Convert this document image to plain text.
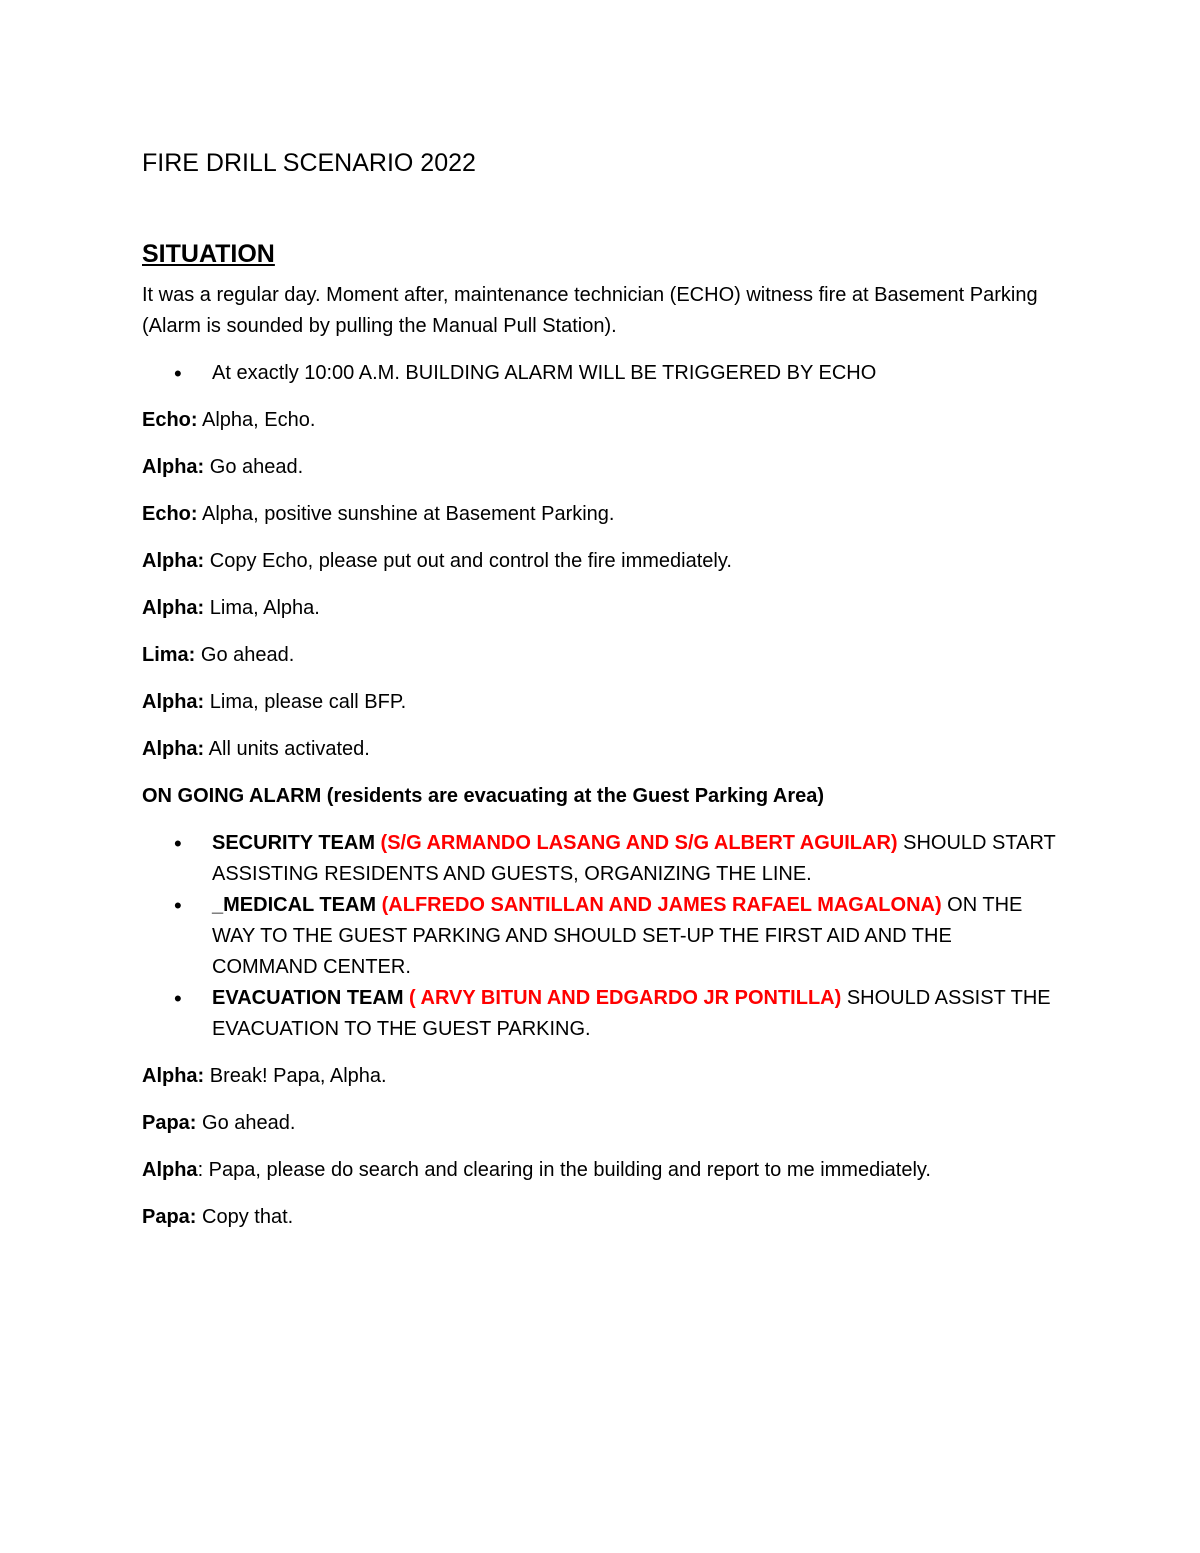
FIRE DRILL SCENARIO 2022
SITUATION

It was a regular day. Moment after, maintenance technician (ECHO) witness fire at Basement Parking (Alarm is sounded by pulling the Manual Pull Station).

• At exactly 10:00 A.M. BUILDING ALARM WILL BE TRIGGERED BY ECHO

Echo: Alpha, Echo.

Alpha: Go ahead.

Echo: Alpha, positive sunshine at Basement Parking.

Alpha: Copy Echo, please put out and control the fire immediately.

Alpha: Lima, Alpha.

Lima: Go ahead.

Alpha: Lima, please call BFP.

Alpha: All units activated.

ON GOING ALARM (residents are evacuating at the Guest Parking Area)

• SECURITY TEAM (S/G ARMANDO LASANG AND S/G ALBERT AGUILAR) SHOULD START ASSISTING RESIDENTS AND GUESTS, ORGANIZING THE LINE.
• _MEDICAL TEAM (ALFREDO SANTILLAN AND JAMES RAFAEL MAGALONA) ON THE WAY TO THE GUEST PARKING AND SHOULD SET-UP THE FIRST AID AND THE COMMAND CENTER.
• EVACUATION TEAM ( ARVY BITUN AND EDGARDO JR PONTILLA) SHOULD ASSIST THE EVACUATION TO THE GUEST PARKING.

Alpha: Break! Papa, Alpha.

Papa: Go ahead.

Alpha: Papa, please do search and clearing in the building and report to me immediately.

Papa: Copy that.
